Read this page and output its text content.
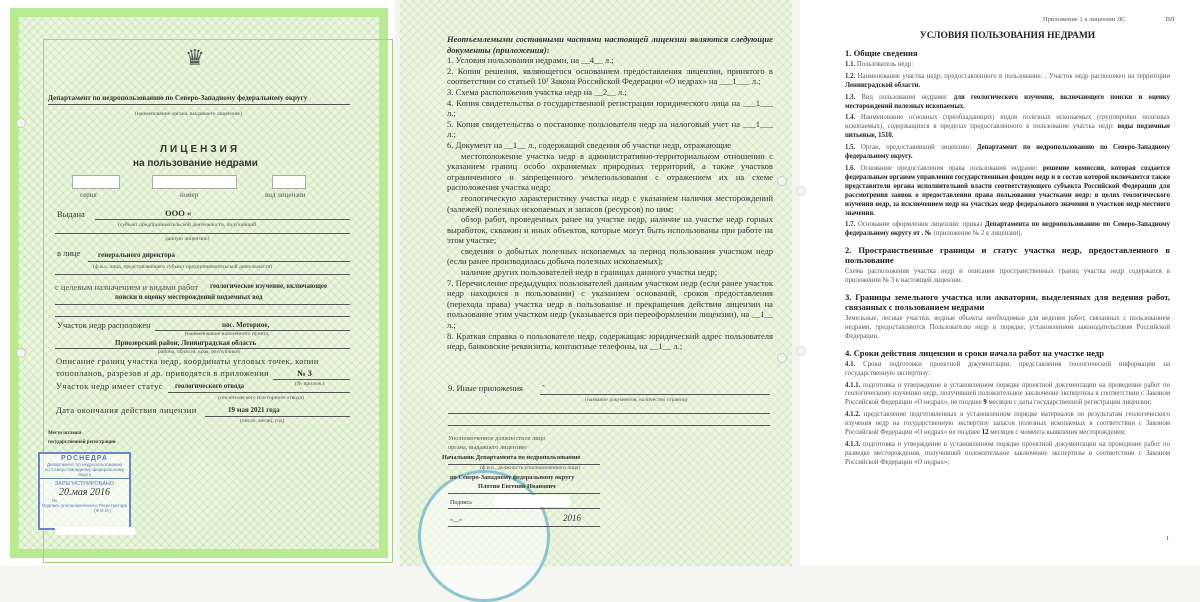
♛
Департамент по недропользованию по Северо-Западному федеральному округу
(наименование органа, выдавшего лицензию)
ЛИЦЕНЗИЯ
на пользование недрами
серия	номер	вид лицензии
Выдана	ООО «
(субъект предпринимательской деятельности, получивший
данную лицензию)
в лице	генерального директора
(ф.и.о. лица, представляющего субъект предпринимательской деятельности)
с целевым назначением и видами работ геологическое изучение, включающее
поиски и оценку месторождений подземных вод
Участок недр расположен	пос. Моторное,
(наименование населенного пункта,
Приозерский район, Ленинградская область
района, области, края, республики)
Описание границ участка недр, координаты угловых точек, копии
топопланов, разрезов и др. приводятся в приложении	№ 3
(№ прилож.)
Участок недр имеет статус геологического отвода
(геологического или горного отвода)
Дата окончания действия лицензии	19 мая 2021 года
(число, месяц, год)
Место штампа
государственной регистрации
РОСНЕДРА
Департамент по недропользованию
по Северо-Западному федеральному округу
ЗАРЕГИСТРИРОВАНО
20.мая 2016
№
Подпись уполномоченного Регистратора
(Ф.И.О.)

Неотъемлемыми составными частями настоящей лицензии являются следующие документы (приложения):

1. Условия пользования недрами, на __4__ л.;

2. Копия решения, являющегося основанием предоставления лицензии, принятого в соответствии со статьей 10¹ Закона Российской Федерации «О недрах» на ___1___ л.;

3. Схема расположения участка недр на __2__ л.;

4. Копия свидетельства о государственной регистрации юридического лица на ___1___ л.;

5. Копия свидетельства о постановке пользователя недр на налоговый учет на ___1___ л.;

6. Документ на __1__ л., содержащий сведения об участке недр, отражающие

местоположение участка недр в административно-территориальном отношении с указанием границ особо охраняемых природных территорий, а также участков ограниченного и запрещенного землепользования с отражением их на схеме расположения участка недр;

геологическую характеристику участка недр с указанием наличия месторождений (залежей) полезных ископаемых и запасов (ресурсов) по ним;

обзор работ, проведенных ранее на участке недр, наличие на участке недр горных выработок, скважин и иных объектов, которые могут быть использованы при работе на этом участке;

сведения о добытых полезных ископаемых за период пользования участком недр (если ранее производилась добыча полезных ископаемых);

наличие других пользователей недр в границах данного участка недр;

7. Перечисление предыдущих пользователей данным участком недр (если ранее участок недр находился в пользовании) с указанием оснований, сроков предоставления (перехода права) участка недр в пользование и прекращения действия лицензии на пользование этим участком недр (указывается при переоформлении лицензии), на __1__ л.;

8. Краткая справка о пользователе недр, содержащая: юридический адрес пользователя недр, банковские реквизиты, контактные телефоны, на __1__ л.;

9. Иные приложения -
(название документов, количество страниц)
Уполномоченное должностное лицо
органа, выдавшего лицензию
Начальник Департамента по недропользованию
(ф.и.о., должность уполномоченного лица)
по Северо-Западному федеральному округу
Плотин Евгений Иванович
Подпись
«__»	2016
Приложение 1 к лицензии ЛС	ВП
УСЛОВИЯ ПОЛЬЗОВАНИЯ НЕДРАМИ
1. Общие сведения

1.1. Пользователь недр:

1.2. Наименование участка недр, предоставленного в пользование: . Участок недр расположен на территории Ленинградской области.

1.3. Вид пользования недрами: для геологического изучения, включающего поиски и оценку месторождений полезных ископаемых.

1.4. Наименование основных (преобладающих) видов полезных ископаемых (группировки полезных ископаемых), содержащихся в пределах предоставленного в пользование участка недр: воды подземные питьевые, 1510.

1.5. Орган, предоставивший лицензию: Департамент по недропользованию по Северо-Западному федеральному округу.

1.6. Основание предоставления права пользования недрами: решение комиссии, которая создается федеральным органом управления государственным фондом недр и в состав которой включаются также представители органа исполнительной власти соответствующего субъекта Российской Федерации для рассмотрения заявок о предоставлении права пользования участками недр: в целях геологического изучения недр, за исключением недр на участках недр федерального значения и участков недр местного значения.

1.7. Основание оформления лицензии: приказ Департамента по недропользованию по Северо-Западному федеральному округу от . № (приложение № 2 к лицензии).

2. Пространственные границы и статус участка недр, предоставленного в пользование

Схема расположения участка недр и описание пространственных границ участка недр содержатся в приложении № 3 к настоящей лицензии.

3. Границы земельного участка или акватории, выделенных для ведения работ, связанных с пользованием недрами

Земельные, лесные участки, водные объекты необходимые для ведения работ, связанных с пользованием недрами, предоставляются Пользователю недр в порядке, установленном законодательством Российской Федерации.

4. Сроки действия лицензии и сроки начала работ на участке недр

4.1. Сроки подготовки проектной документации, представления геологической информации на государственную экспертизу:

4.1.1. подготовка и утверждение в установленном порядке проектной документации на проведение работ по геологическому изучению недр, получившей положительное заключение экспертизы в соответствии с Законом Российской Федерации «О недрах», не позднее 9 месяцев с даты государственной регистрации лицензии;

4.1.2. представление подготовленных в установленном порядке материалов по результатам геологического изучения недр на государственную экспертизу запасов полезных ископаемых в соответствии с Законом Российской Федерации «О недрах» не позднее 12 месяцев с момента выявления месторождения;

4.1.3. подготовка и утверждение в установленном порядке проектной документации на проведение работ по разведке месторождения, получившей положительное заключение экспертизы в соответствии с Законом Российской Федерации «О недрах»;

1
